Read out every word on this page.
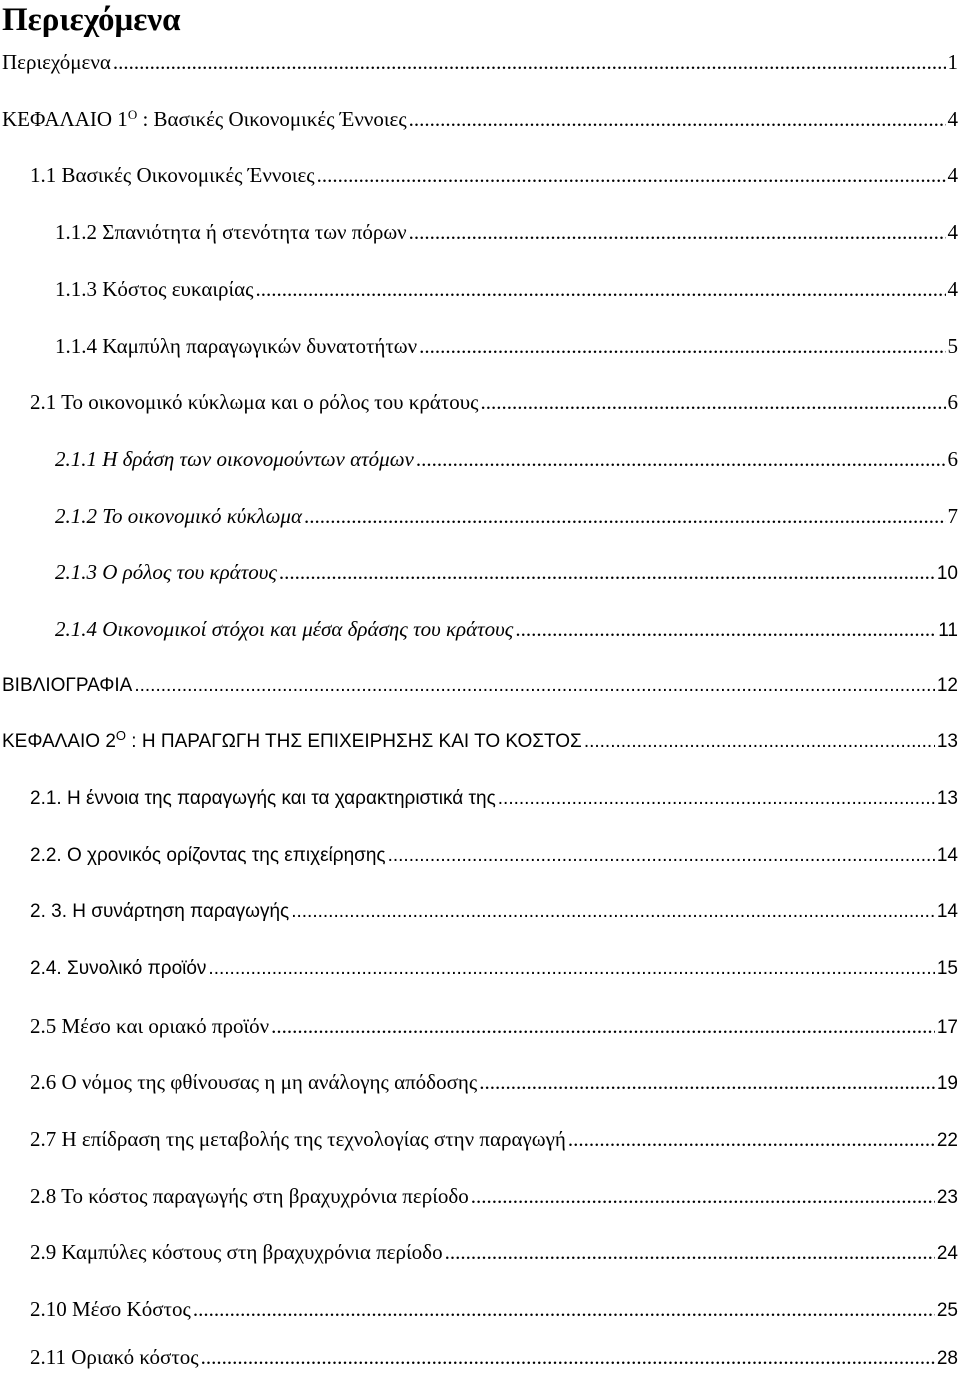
Περιεχόμενα
Περιεχόμενα .....	1
ΚΕΦΑΛΑΙΟ $1^O$ : Βασικές Οικονομικές Έννοιες .....	4
1.1 Βασικές Οικονομικές Έννοιες .....	4
1.1.2 Σπανιότητα ή στενότητα των πόρων .....	4
1.1.3 Κόστος ευκαιρίας .....	4
1.1.4 Καμπύλη παραγωγικών δυνατοτήτων .....	5
2.1 Το οικονομικό κύκλωμα και ο ρόλος του κράτους .....	6
2.1.1 Η δράση των οικονομούντων ατόμων .....	6
2.1.2 Το οικονομικό κύκλωμα .....	7
2.1.3 Ο ρόλος του κράτους .....	10
2.1.4 Οικονομικοί στόχοι και μέσα δράσης του κράτους .....	11
ΒΙΒΛΙΟΓΡΑΦΙΑ .....	12
ΚΕΦΑΛΑΙΟ $2^O$ : Η ΠΑΡΑΓΩΓΗ ΤΗΣ ΕΠΙΧΕΙΡΗΣΗΣ ΚΑΙ ΤΟ ΚΟΣΤΟΣ .....	13
2.1. Η έννοια της παραγωγής και τα χαρακτηριστικά της .....	13
2.2. Ο χρονικός ορίζοντας της επιχείρησης .....	14
2. 3. Η συνάρτηση παραγωγής .....	14
2.4. Συνολικό προϊόν .....	15
2.5 Μέσο και οριακό προϊόν .....	17
2.6 Ο νόμος της φθίνουσας η μη ανάλογης απόδοσης .....	19
2.7 Η επίδραση της μεταβολής της τεχνολογίας στην παραγωγή .....	22
2.8 Το κόστος παραγωγής στη βραχυχρόνια περίοδο .....	23
2.9 Καμπύλες κόστους στη βραχυχρόνια περίοδο .....	24
2.10 Μέσο Κόστος .....	25
2.11 Οριακό κόστος .....	28
